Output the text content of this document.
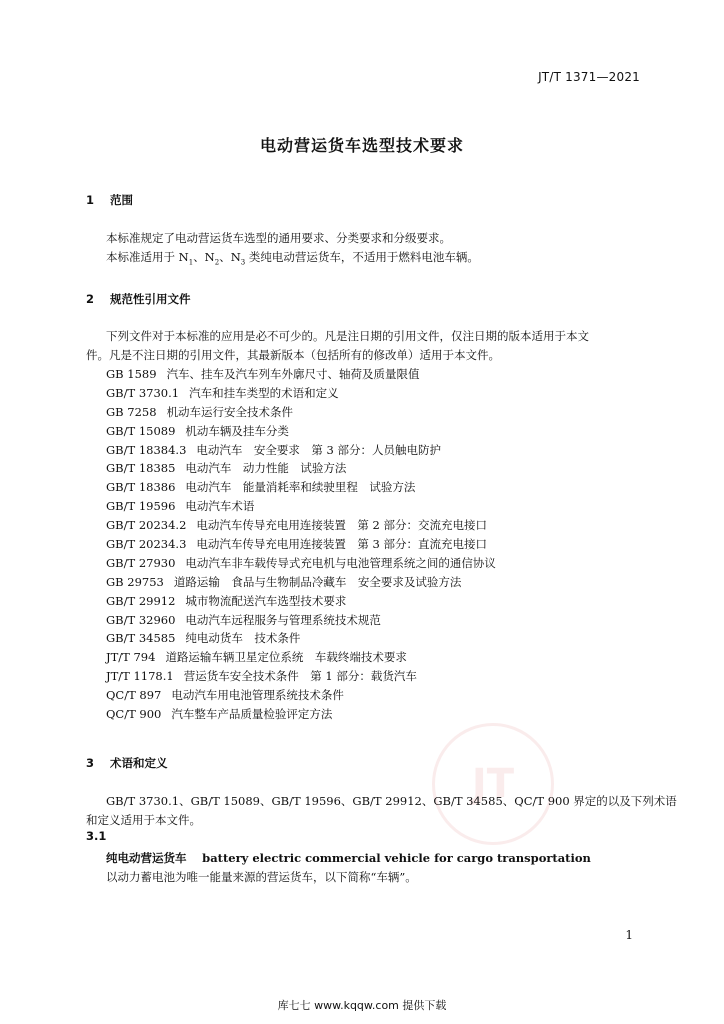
JT/T 1371—2021
电动营运货车选型技术要求
1 范围
本标准规定了电动营运货车选型的通用要求、分类要求和分级要求。
本标准适用于 $N_1$、$N_2$、$N_3$ 类纯电动营运货车，不适用于燃料电池车辆。
2 规范性引用文件
下列文件对于本标准的应用是必不可少的。凡是注日期的引用文件，仅注日期的版本适用于本文
件。凡是不注日期的引用文件，其最新版本（包括所有的修改单）适用于本文件。
GB 1589 汽车、挂车及汽车列车外廓尺寸、轴荷及质量限值
GB/T 3730.1 汽车和挂车类型的术语和定义
GB 7258 机动车运行安全技术条件
GB/T 15089 机动车辆及挂车分类
GB/T 18384.3 电动汽车　安全要求　第 3 部分：人员触电防护
GB/T 18385 电动汽车　动力性能　试验方法
GB/T 18386 电动汽车　能量消耗率和续驶里程　试验方法
GB/T 19596 电动汽车术语
GB/T 20234.2 电动汽车传导充电用连接装置　第 2 部分：交流充电接口
GB/T 20234.3 电动汽车传导充电用连接装置　第 3 部分：直流充电接口
GB/T 27930 电动汽车非车载传导式充电机与电池管理系统之间的通信协议
GB 29753 道路运输　食品与生物制品冷藏车　安全要求及试验方法
GB/T 29912 城市物流配送汽车选型技术要求
GB/T 32960 电动汽车远程服务与管理系统技术规范
GB/T 34585 纯电动货车　技术条件
JT/T 794 道路运输车辆卫星定位系统　车载终端技术要求
JT/T 1178.1 营运货车安全技术条件　第 1 部分：载货汽车
QC/T 897 电动汽车用电池管理系统技术条件
QC/T 900 汽车整车产品质量检验评定方法
JT
3 术语和定义
GB/T 3730.1、GB/T 15089、GB/T 19596、GB/T 29912、GB/T 34585、QC/T 900 界定的以及下列术语
和定义适用于本文件。
3.1
纯电动营运货车 battery electric commercial vehicle for cargo transportation
以动力蓄电池为唯一能量来源的营运货车，以下简称“车辆”。
1
库七七 www.kqqw.com 提供下载
